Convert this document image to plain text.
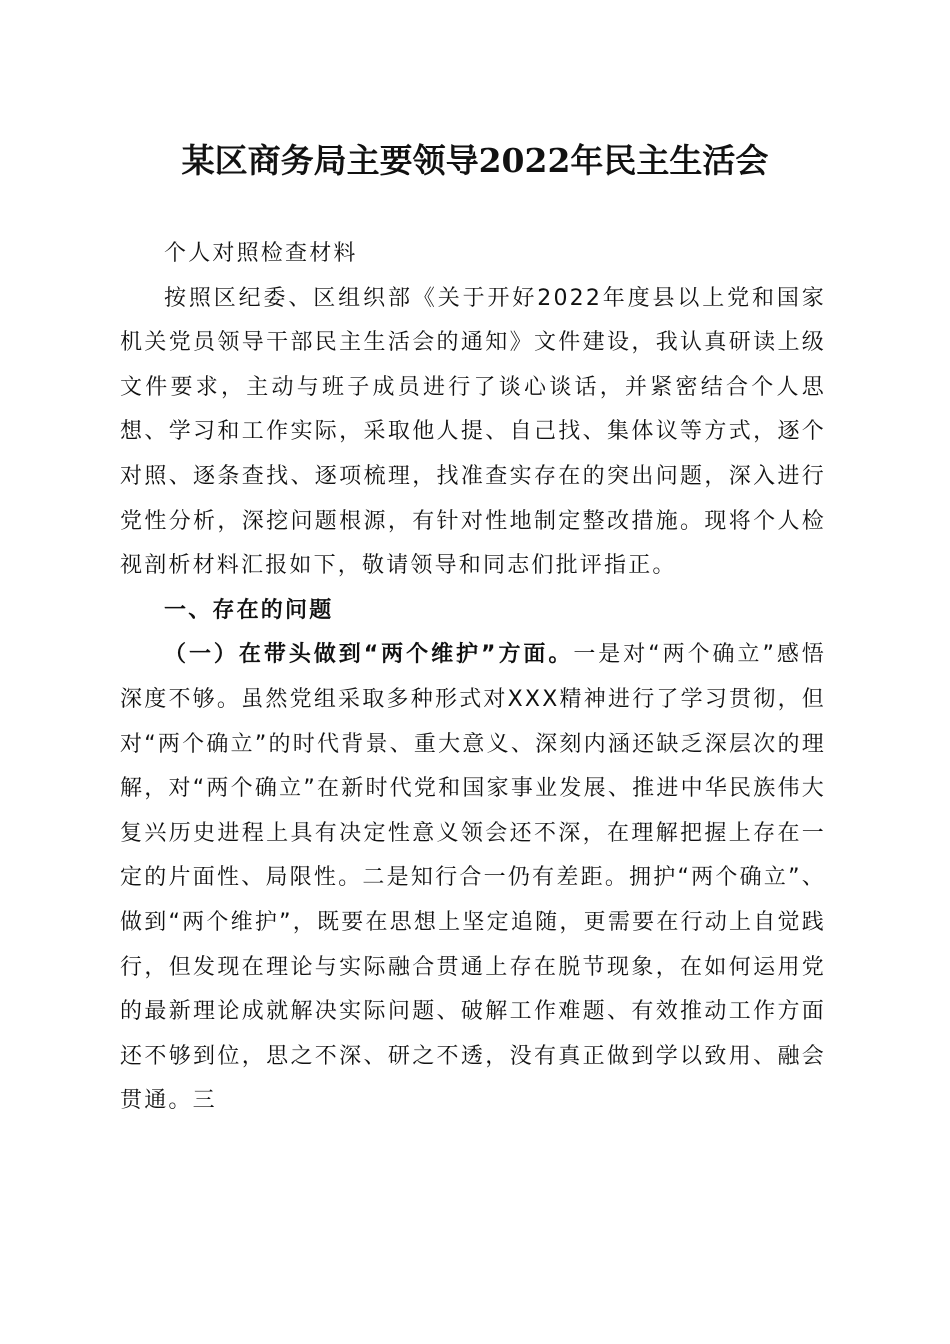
某区商务局主要领导2022年民主生活会

个人对照检查材料

按照区纪委、区组织部《关于开好2022年度县以上党和国家机关党员领导干部民主生活会的通知》文件建设，我认真研读上级文件要求，主动与班子成员进行了谈心谈话，并紧密结合个人思想、学习和工作实际，采取他人提、自己找、集体议等方式，逐个对照、逐条查找、逐项梳理，找准查实存在的突出问题，深入进行党性分析，深挖问题根源，有针对性地制定整改措施。现将个人检视剖析材料汇报如下，敬请领导和同志们批评指正。

一、存在的问题

（一）在带头做到“两个维护”方面。一是对“两个确立”感悟深度不够。虽然党组采取多种形式对XXX精神进行了学习贯彻，但对“两个确立”的时代背景、重大意义、深刻内涵还缺乏深层次的理解，对“两个确立”在新时代党和国家事业发展、推进中华民族伟大复兴历史进程上具有决定性意义领会还不深，在理解把握上存在一定的片面性、局限性。二是知行合一仍有差距。拥护“两个确立”、做到“两个维护”，既要在思想上坚定追随，更需要在行动上自觉践行，但发现在理论与实际融合贯通上存在脱节现象，在如何运用党的最新理论成就解决实际问题、破解工作难题、有效推动工作方面还不够到位，思之不深、研之不透，没有真正做到学以致用、融会贯通。三
